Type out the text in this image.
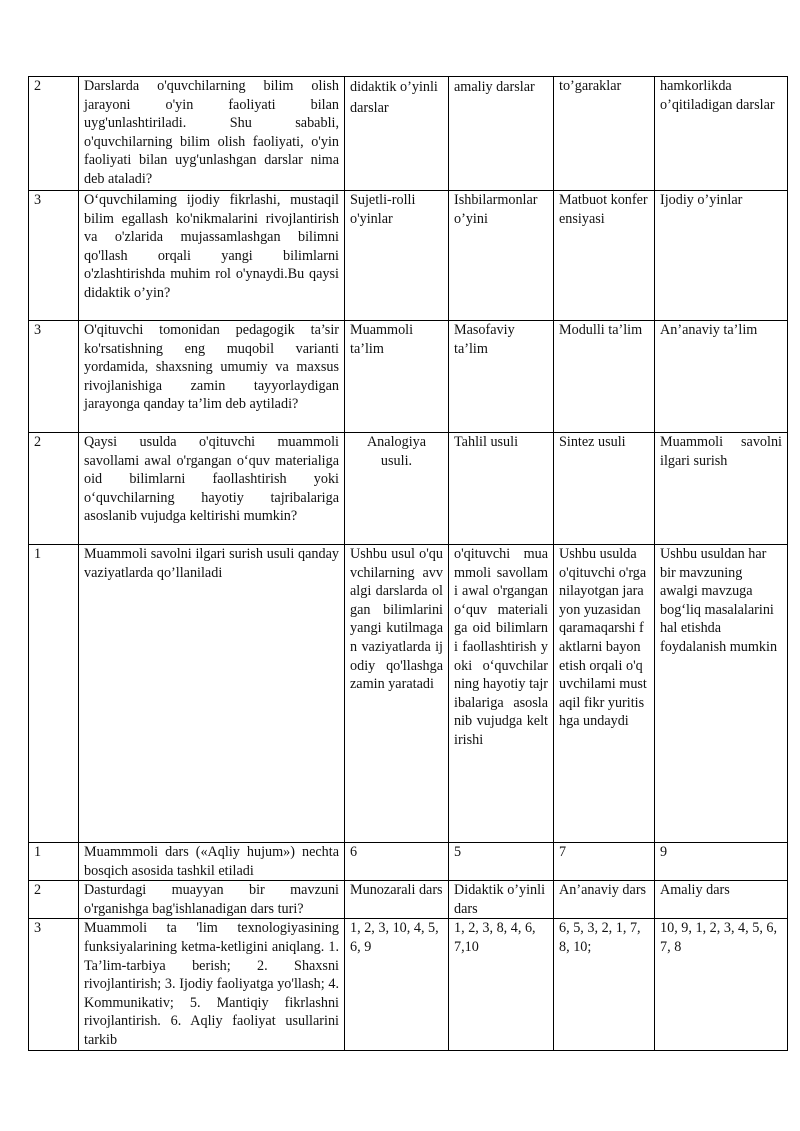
2	Darslarda o'quvchilarning bilim olish jarayoni o'yin faoliyati bilan uyg'unlashtiriladi. Shu sababli, o'quvchilarning bilim olish faoliyati, o'yin faoliyati bilan uyg'unlashgan darslar nima deb ataladi?	didaktik o’yinli darslar	amaliy darslar	to’garaklar	hamkorlikda o’qitiladigan darslar
3	O‘quvchilaming ijodiy fikrlashi, mustaqil bilim egallash ko'nikmalarini rivojlantirish va o'zlarida mujassamlashgan bilimni qo'llash orqali yangi bilimlarni o'zlashtirishda muhim rol o'ynaydi.Bu qaysi didaktik o’yin?	Sujetli-rolli o'yinlar	Ishbilarmonlar o’yini	Matbuot konferensiyasi	Ijodiy o’yinlar
3	O'qituvchi tomonidan pedagogik ta’sir ko'rsatishning eng muqobil varianti yordamida, shaxsning umumiy va maxsus rivojlanishiga zamin tayyorlaydigan jarayonga qanday ta’lim deb aytiladi?	Muammoli ta’lim	Masofaviy ta’lim	Modulli ta’lim	An’anaviy ta’lim
2	Qaysi usulda o'qituvchi muammoli savollami awal o'rgangan o‘quv materialiga oid bilimlarni faollashtirish yoki o‘quvchilarning hayotiy tajribalariga asoslanib vujudga keltirishi mumkin?	Analogiya usuli.	Tahlil usuli	Sintez usuli	Muammoli savolni ilgari surish
1	Muammoli savolni ilgari surish usuli qanday vaziyatlarda qo’llaniladi	Ushbu usul o'quvchilarning avvalgi darslarda olgan bilimlarini yangi kutilmagan vaziyatlarda ijodiy qo'llashga zamin yaratadi	o'qituvchi muammoli savollami awal o'rgangan o‘quv materialiga oid bilimlarni faollashtirish yoki o‘quvchilarning hayotiy tajribalariga asoslanib vujudga keltirishi	Ushbu usulda o'qituvchi o'rganilayotgan jarayon yuzasidan qaramaqarshi faktlarni bayon etish orqali o'quvchilami mustaqil fikr yuritishga undaydi	Ushbu usuldan har bir mavzuning awalgi mavzuga bog‘liq masalalarini hal etishda foydalanish mumkin
1	Muammmoli dars («Aqliy hujum») nechta bosqich asosida tashkil etiladi	6	5	7	9
2	Dasturdagi muayyan bir mavzuni o'rganishga bag'ishlanadigan dars turi?	Munozarali dars	Didaktik o’yinli dars	An’anaviy dars	Amaliy dars
3	Muammoli ta 'lim texnologiyasining funksiyalarining ketma-ketligini aniqlang. 1. Ta’lim-tarbiya berish; 2. Shaxsni rivojlantirish; 3. Ijodiy faoliyatga yo'llash; 4. Kommunikativ; 5. Mantiqiy fikrlashni rivojlantirish. 6. Aqliy faoliyat usullarini tarkib	1, 2, 3, 10, 4, 5, 6, 9	1, 2, 3, 8, 4, 6, 7,10	6, 5, 3, 2, 1, 7, 8, 10;	10, 9, 1, 2, 3, 4, 5, 6, 7, 8
